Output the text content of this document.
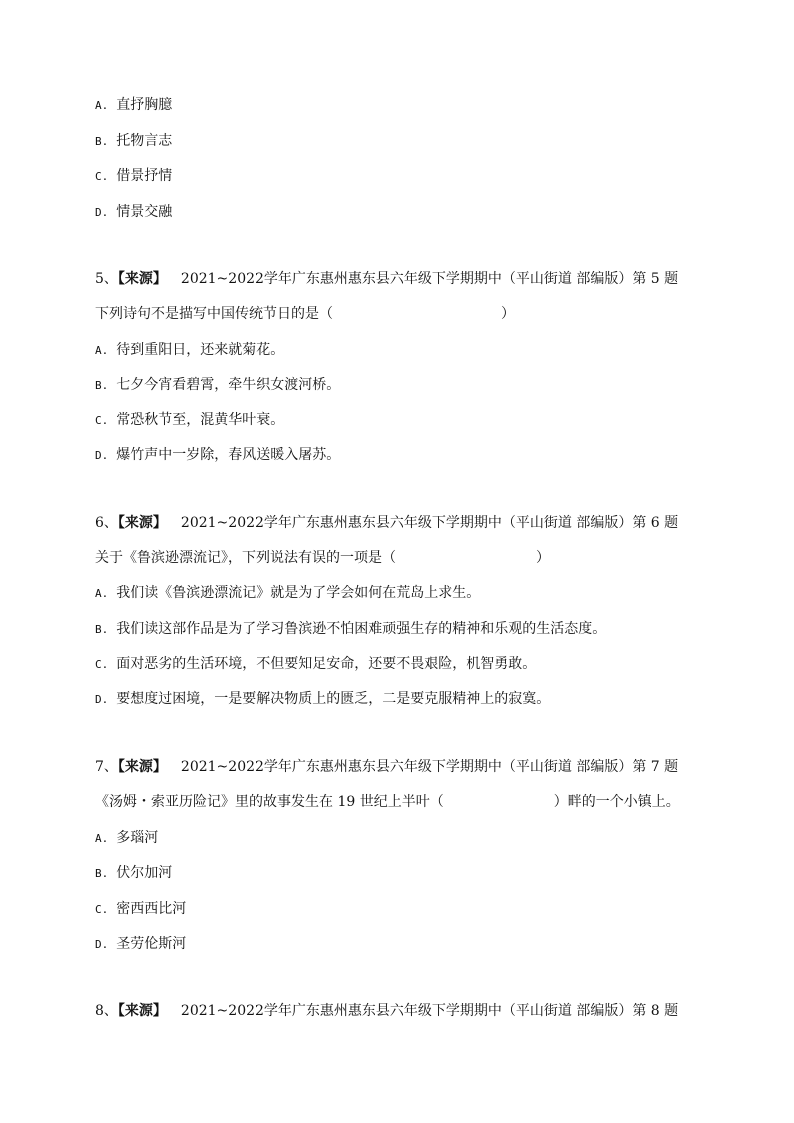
A. 直抒胸臆
B. 托物言志
C. 借景抒情
D. 情景交融
5、【来源】 2021~2022学年广东惠州惠东县六年级下学期期中（平山街道 部编版）第 5 题
下列诗句不是描写中国传统节日的是（	）
A. 待到重阳日，还来就菊花。
B. 七夕今宵看碧霄，牵牛织女渡河桥。
C. 常恐秋节至，混黄华叶衰。
D. 爆竹声中一岁除，春风送暖入屠苏。
6、【来源】 2021~2022学年广东惠州惠东县六年级下学期期中（平山街道 部编版）第 6 题
关于《鲁滨逊漂流记》，下列说法有误的一项是（	）
A. 我们读《鲁滨逊漂流记》就是为了学会如何在荒岛上求生。
B. 我们读这部作品是为了学习鲁滨逊不怕困难顽强生存的精神和乐观的生活态度。
C. 面对恶劣的生活环境，不但要知足安命，还要不畏艰险，机智勇敢。
D. 要想度过困境，一是要解决物质上的匮乏，二是要克服精神上的寂寞。
7、【来源】 2021~2022学年广东惠州惠东县六年级下学期期中（平山街道 部编版）第 7 题
《汤姆・索亚历险记》里的故事发生在 19 世纪上半叶（	）畔的一个小镇上。
A. 多瑙河
B. 伏尔加河
C. 密西西比河
D. 圣劳伦斯河
8、【来源】 2021~2022学年广东惠州惠东县六年级下学期期中（平山街道 部编版）第 8 题
